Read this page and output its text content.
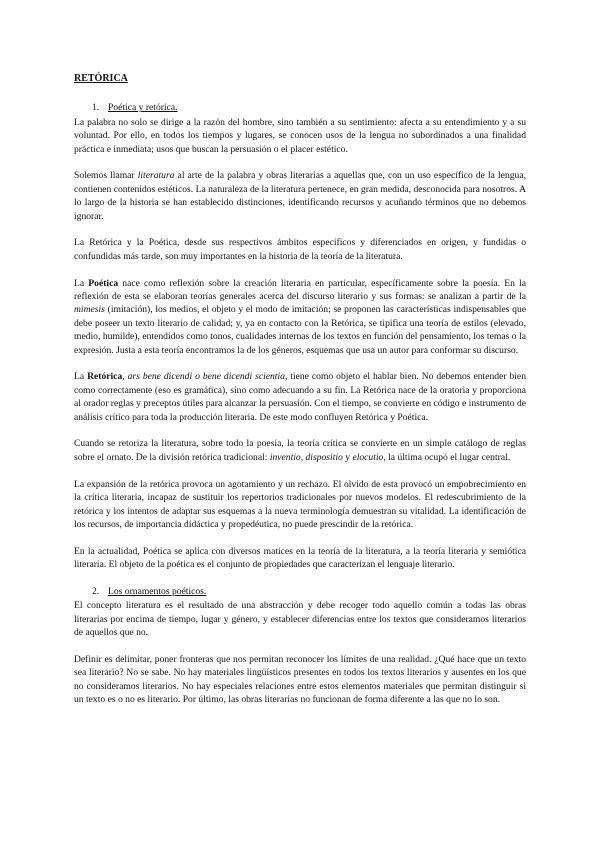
RETÓRICA
1. Poética y retórica.

La palabra no solo se dirige a la razón del hombre, sino también a su sentimiento: afecta a su entendimiento y a su voluntad. Por ello, en todos los tiempos y lugares, se conocen usos de la lengua no subordinados a una finalidad práctica e inmediata; usos que buscan la persuasión o el placer estético.

Solemos llamar literatura al arte de la palabra y obras literarias a aquellas que, con un uso específico de la lengua, contienen contenidos estéticos. La naturaleza de la literatura pertenece, en gran medida, desconocida para nosotros. A lo largo de la historia se han establecido distinciones, identificando recursos y acuñando términos que no debemos ignorar.

La Retórica y la Poética, desde sus respectivos ámbitos específicos y diferenciados en origen, y fundidas o confundidas más tarde, son muy importantes en la historia de la teoría de la literatura.

La Poética nace como reflexión sobre la creación literaria en particular, específicamente sobre la poesía. En la reflexión de esta se elaboran teorías generales acerca del discurso literario y sus formas: se analizan a partir de la mimesis (imitación), los medios, el objeto y el modo de imitación; se proponen las características indispensables que debe poseer un texto literario de calidad; y, ya en contacto con la Retórica, se tipifica una teoría de estilos (elevado, medio, humilde), entendidos como tonos, cualidades internas de los textos en función del pensamiento, los temas o la expresión. Justa a esta teoría encontramos la de los géneros, esquemas que usa un autor para conformar su discurso.

La Retórica, ars bene dicendi o bene dicendi scientia, tiene como objeto el hablar bien. No debemos entender bien como correctamente (eso es gramática), sino como adecuando a su fin. La Retórica nace de la oratoria y proporciona al orador reglas y preceptos útiles para alcanzar la persuasión. Con el tiempo, se convierte en código e instrumento de análisis crítico para toda la producción literaria. De este modo confluyen Retórica y Poética.

Cuando se retoriza la literatura, sobre todo la poesía, la teoría crítica se convierte en un simple catálogo de reglas sobre el ornato. De la división retórica tradicional: inventio, dispositio y elocutio, la última ocupó el lugar central.

La expansión de la retórica provoca un agotamiento y un rechazo. El olvido de esta provocó un empobrecimiento en la crítica literaria, incapaz de sustituir los repertorios tradicionales por nuevos modelos. El redescubrimiento de la retórica y los intentos de adaptar sus esquemas a la nueva terminología demuestran su vitalidad. La identificación de los recursos, de importancia didáctica y propedéutica, no puede prescindir de la retórica.

En la actualidad, Poética se aplica con diversos matices en la teoría de la literatura, a la teoría literaria y semiótica literaria. El objeto de la poética es el conjunto de propiedades que caracterizan el lenguaje literario.

2. Los ornamentos poéticos.

El concepto literatura es el resultado de una abstracción y debe recoger todo aquello común a todas las obras literarias por encima de tiempo, lugar y género, y establecer diferencias entre los textos que consideramos literarios de aquellos que no.

Definir es delimitar, poner fronteras que nos permitan reconocer los límites de una realidad. ¿Qué hace que un texto sea literario? No se sabe. No hay materiales lingüísticos presentes en todos los textos literarios y ausentes en los que no consideramos literarios. No hay especiales relaciones entre estos elementos materiales que permitan distinguir si un texto es o no es literario. Por último, las obras literarias no funcionan de forma diferente a las que no lo son.
